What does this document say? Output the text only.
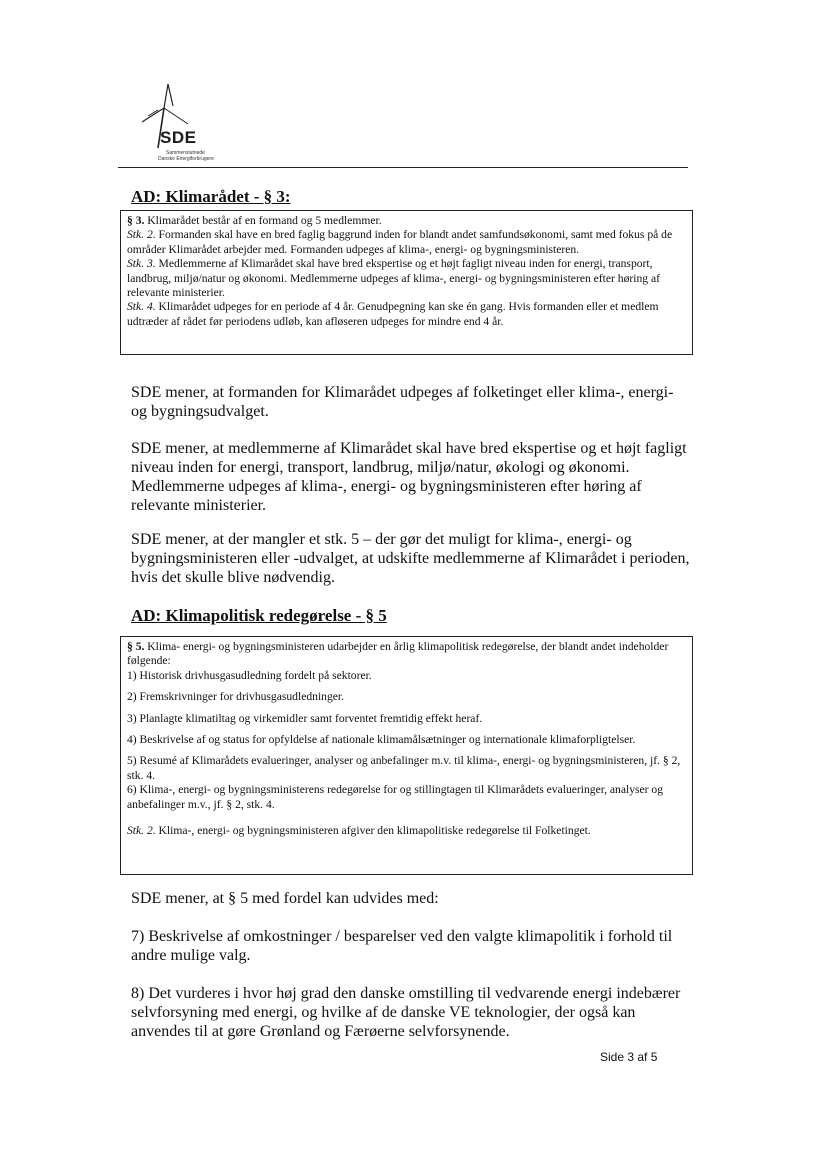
SDE
Sammenslutnede
Danske Energiforbrugere
AD: Klimarådet - § 3:

§ 3. Klimarådet består af en formand og 5 medlemmer.

Stk. 2. Formanden skal have en bred faglig baggrund inden for blandt andet samfundsøkonomi, samt med fokus på de områder Klimarådet arbejder med. Formanden udpeges af klima-, energi- og bygningsministeren.

Stk. 3. Medlemmerne af Klimarådet skal have bred ekspertise og et højt fagligt niveau inden for energi, transport, landbrug, miljø/natur og økonomi. Medlemmerne udpeges af klima-, energi- og bygningsministeren efter høring af relevante ministerier.

Stk. 4. Klimarådet udpeges for en periode af 4 år. Genudpegning kan ske én gang. Hvis formanden eller et medlem udtræder af rådet før periodens udløb, kan afløseren udpeges for mindre end 4 år.

SDE mener, at formanden for Klimarådet udpeges af folketinget eller klima-, energi- og bygningsudvalget.

SDE mener, at medlemmerne af Klimarådet skal have bred ekspertise og et højt fagligt niveau inden for energi, transport, landbrug, miljø/natur, økologi og økonomi. Medlemmerne udpeges af klima-, energi- og bygningsministeren efter høring af relevante ministerier.

SDE mener, at der mangler et stk. 5 – der gør det muligt for klima-, energi- og bygningsministeren eller -udvalget, at udskifte medlemmerne af Klimarådet i perioden, hvis det skulle blive nødvendig.

AD: Klimapolitisk redegørelse - § 5

§ 5. Klima- energi- og bygningsministeren udarbejder en årlig klimapolitisk redegørelse, der blandt andet indeholder følgende:

1) Historisk drivhusgasudledning fordelt på sektorer.

2) Fremskrivninger for drivhusgasudledninger.

3) Planlagte klimatiltag og virkemidler samt forventet fremtidig effekt heraf.

4) Beskrivelse af og status for opfyldelse af nationale klimamålsætninger og internationale klimaforpligtelser.

5) Resumé af Klimarådets evalueringer, analyser og anbefalinger m.v. til klima-, energi- og bygningsministeren, jf. § 2, stk. 4.

6) Klima-, energi- og bygningsministerens redegørelse for og stillingtagen til Klimarådets evalueringer, analyser og anbefalinger m.v., jf. § 2, stk. 4.

Stk. 2. Klima-, energi- og bygningsministeren afgiver den klimapolitiske redegørelse til Folketinget.

SDE mener, at § 5 med fordel kan udvides med:

7) Beskrivelse af omkostninger / besparelser ved den valgte klimapolitik i forhold til andre mulige valg.

8) Det vurderes i hvor høj grad den danske omstilling til vedvarende energi indebærer selvforsyning med energi, og hvilke af de danske VE teknologier, der også kan anvendes til at gøre Grønland og Færøerne selvforsynende.

Side 3 af 5
